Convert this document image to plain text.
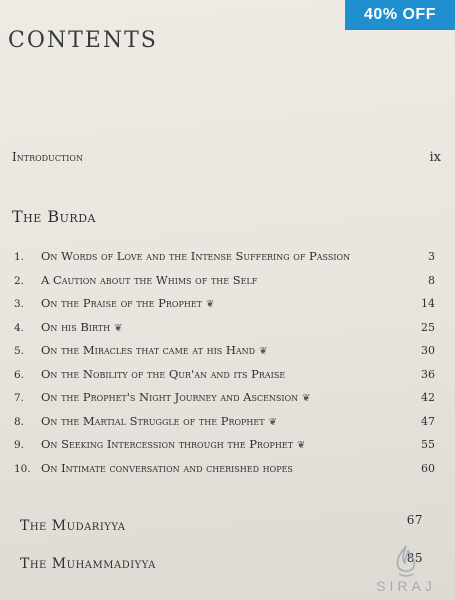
40% OFF
CONTENTS
Introduction	ix
The Burda
1.	On Words of Love and the Intense Suffering of Passion	3
2.	A Caution about the Whims of the Self	8
3.	On the Praise of the Prophet ❦	14
4.	On his Birth ❦	25
5.	On the Miracles that came at his Hand ❦	30
6.	On the Nobility of the Qur'an and its Praise	36
7.	On the Prophet's Night Journey and Ascension ❦	42
8.	On the Martial Struggle of the Prophet ❦	47
9.	On Seeking Intercession through the Prophet ❦	55
10. On Intimate conversation and cherished hopes	60
The Mudariyya	67
The Muhammadiyya	85
SIRAJ
